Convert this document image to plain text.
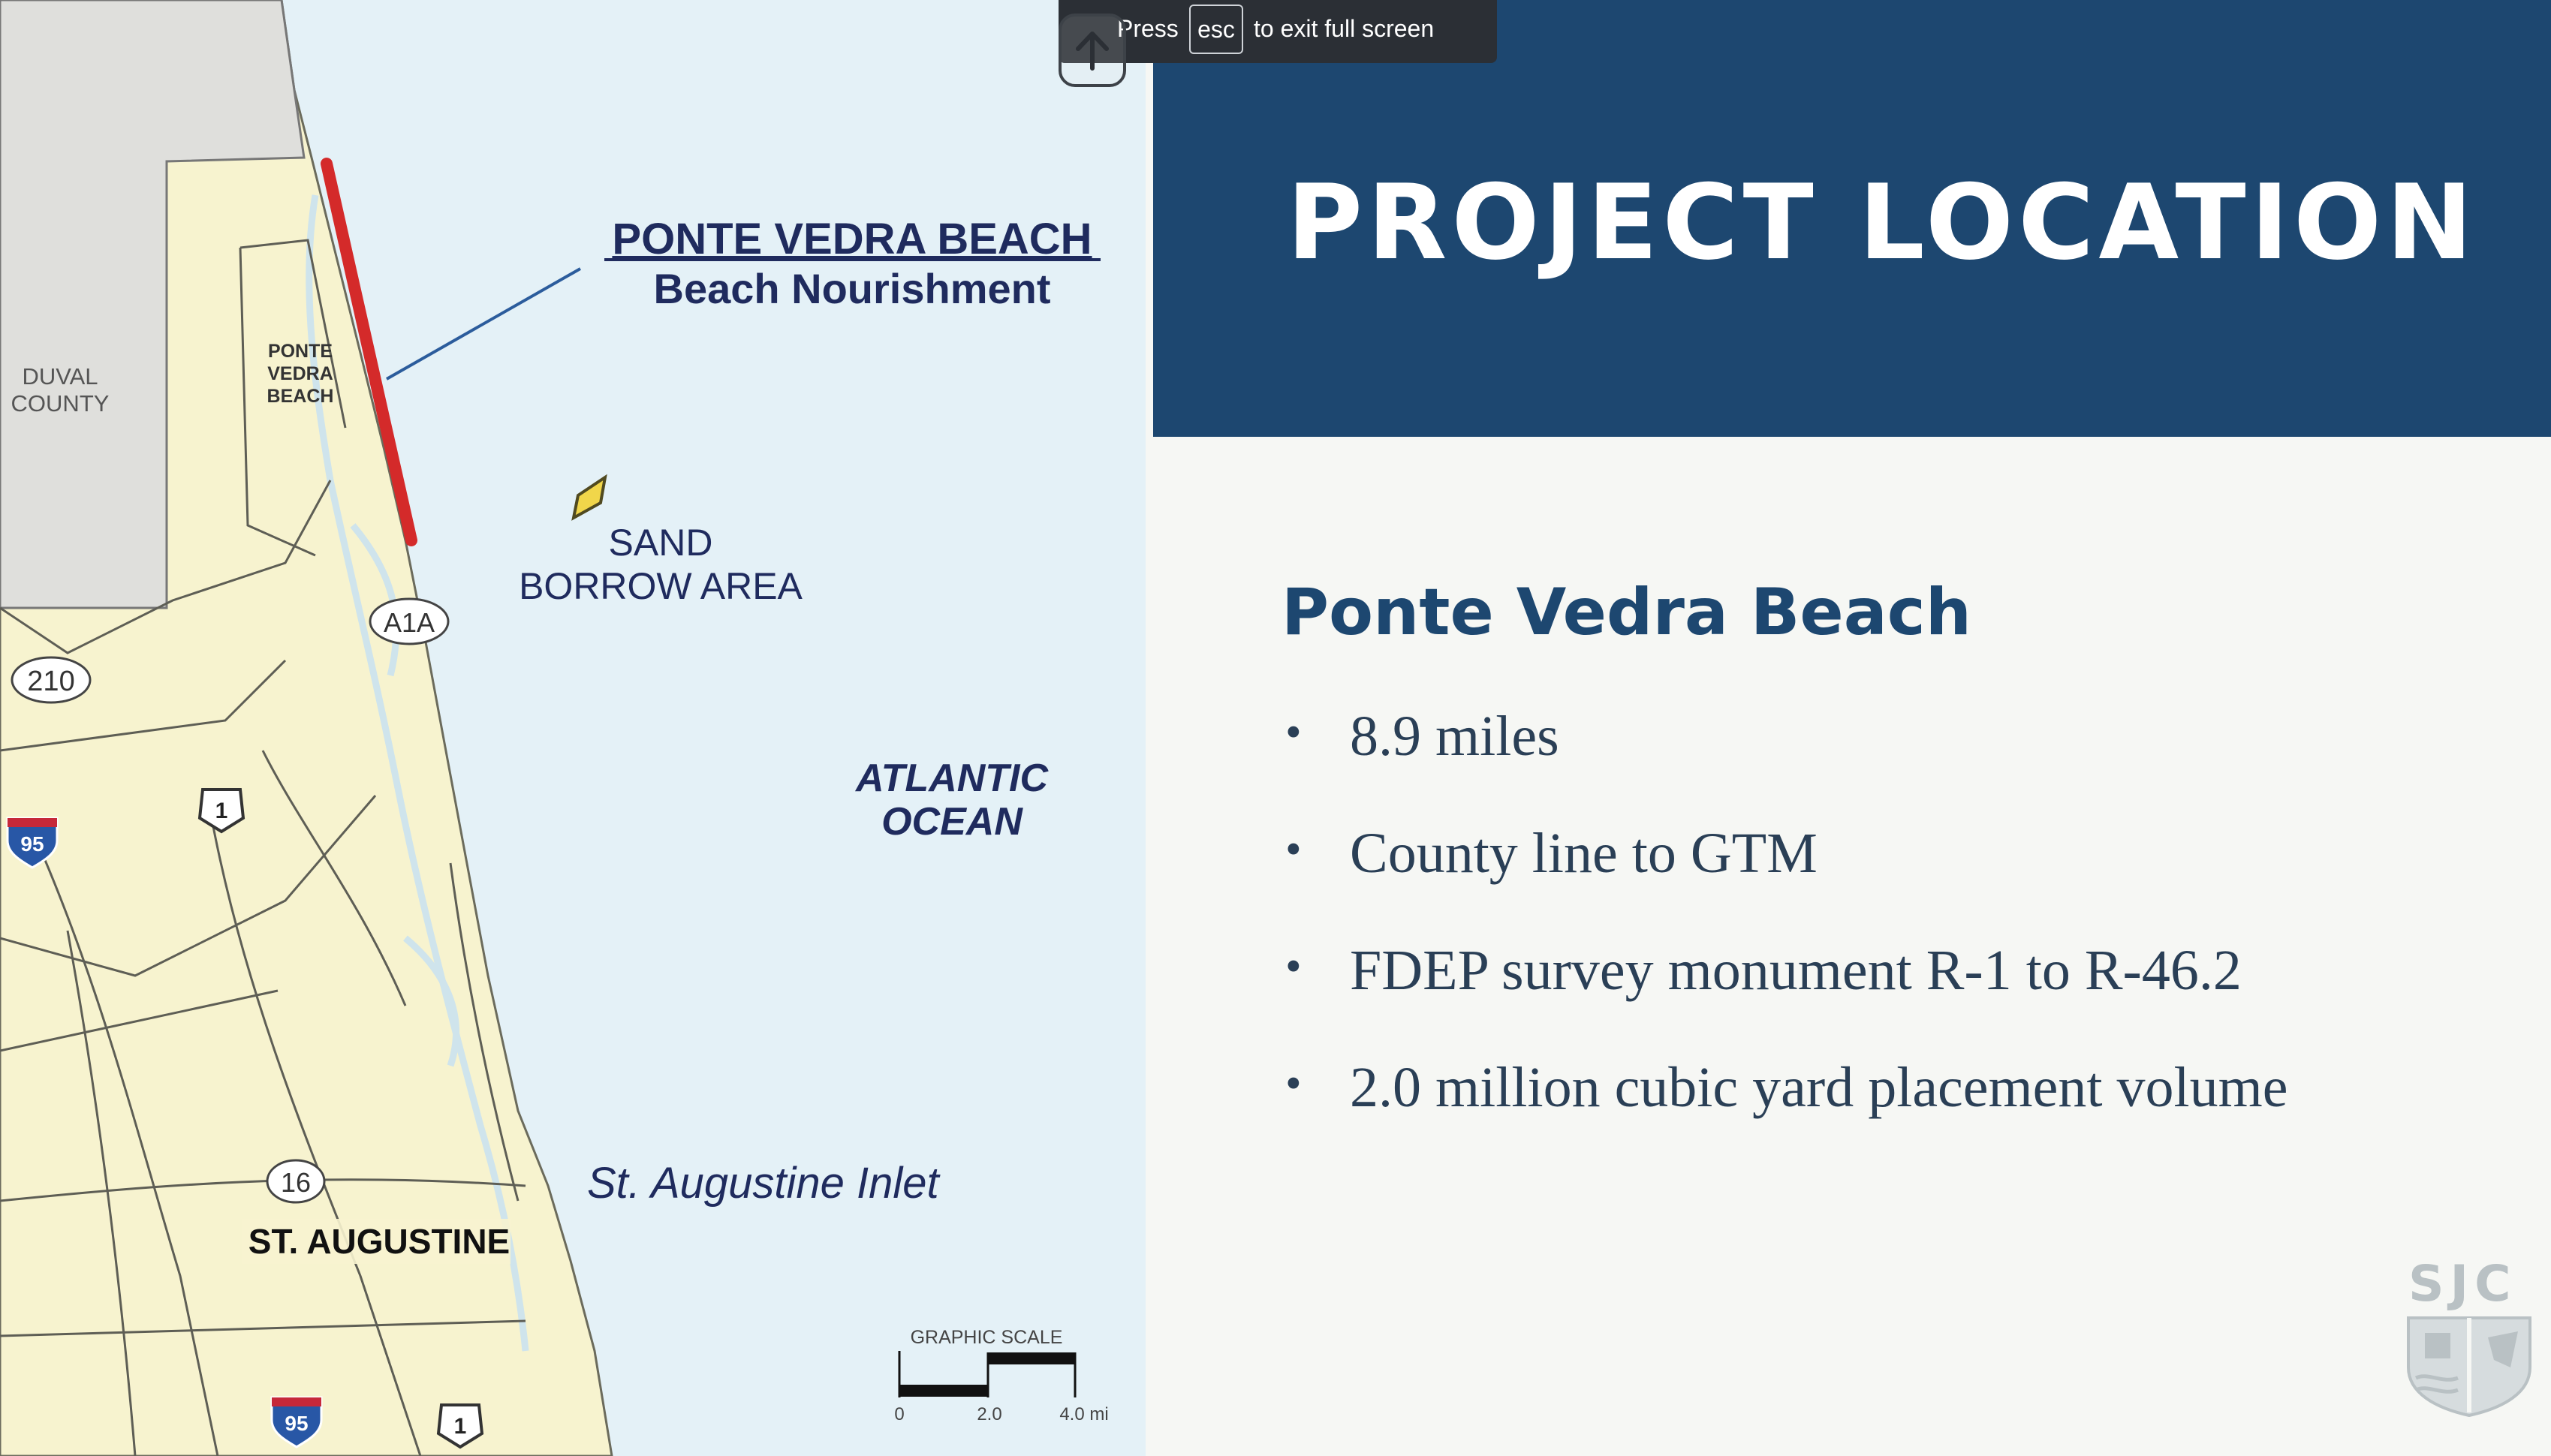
PONTE VEDRA BEACH
Beach Nourishment
DUVAL
COUNTY
PONTE
VEDRA
BEACH
SAND
BORROW AREA
ATLANTIC
OCEAN
St. Augustine Inlet
ST. AUGUSTINE
A1A
210
16
1
1
95
95
GRAPHIC SCALE
0	2.0	4.0 mi
PROJECT LOCATION
Ponte Vedra Beach
• 8.9 miles
• County line to GTM
• FDEP survey monument R-1 to R-46.2
• 2.0 million cubic yard placement volume
SJC
Press esc to exit full screen
